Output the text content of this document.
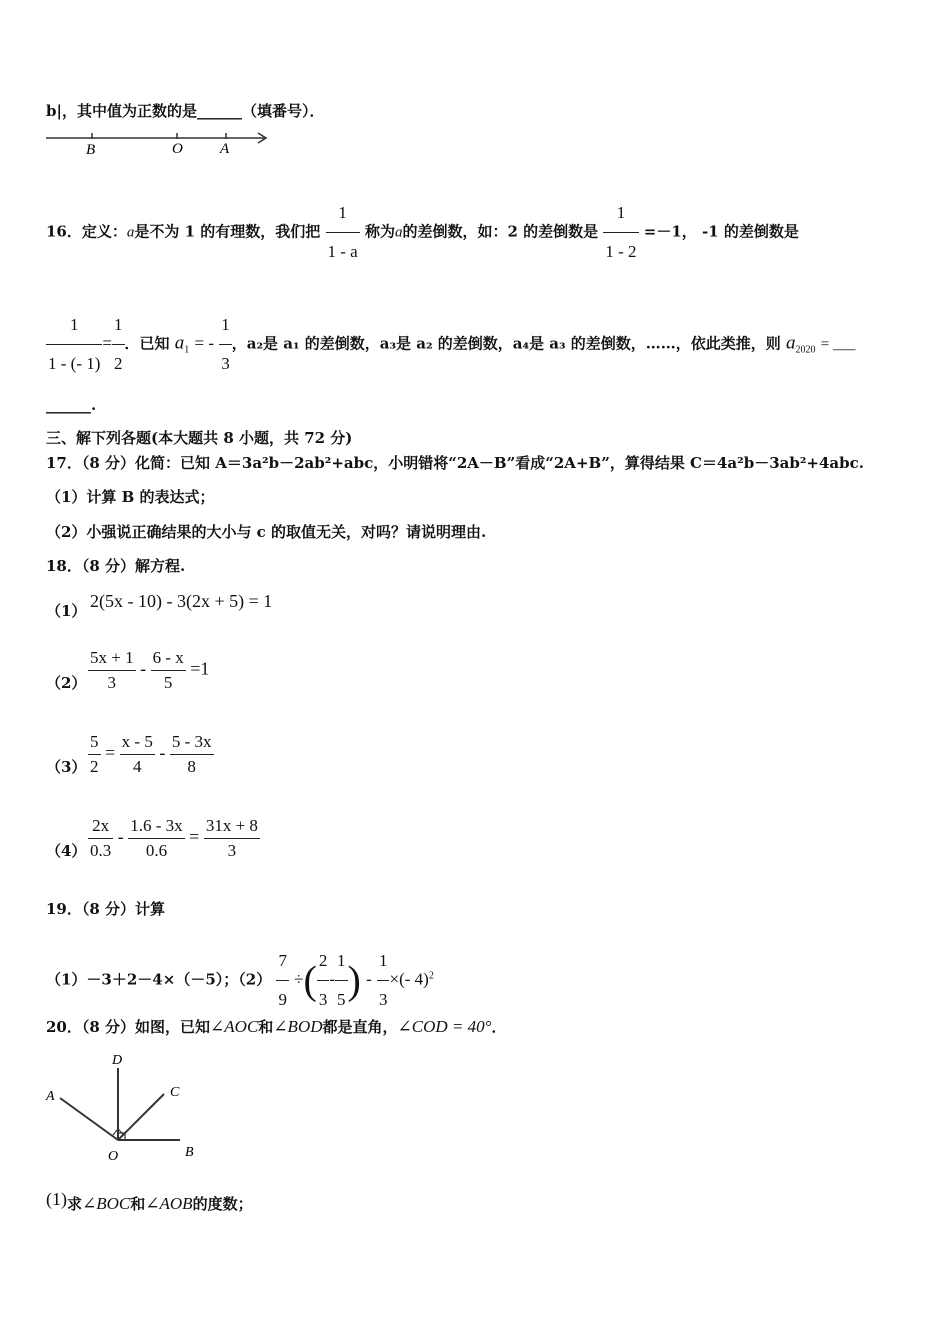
b|，其中值为正数的是______（填番号）．
B	O A
16．定义：a是不为 1 的有理数，我们把 $\frac{1}{1 - a}$ 称为a的差倒数，如：2 的差倒数是 $\frac{1}{1 - 2} =-1$， -1 的差倒数是
$\frac{1}{1 - (- 1)} = \frac{1}{2}$ ．已知 $a_1$ = - $\frac{1}{3}$ ，a₂是 a₁ 的差倒数，a₃是 a₂ 的差倒数，a₄是 a₃ 的差倒数，……，依此类推，则 $a_{2020}$ = ___
______.
三、解下列各题(本大题共 8 小题，共 72 分)
17．（8 分）化简：已知 A＝3a²b－2ab²+abc，小明错将“2A－B”看成“2A+B”，算得结果 C＝4a²b－3ab²+4abc.
（1）计算 B 的表达式；
（2）小强说正确结果的大小与 c 的取值无关，对吗？请说明理由.
18．（8 分）解方程.
（1） 2(5x - 10) - 3(2x + 5) = 1
$(2) \frac{5x + 1}{3} - \frac{6 - x}{5} =1$
$(3) \frac{5}{2} = \frac{x - 5}{4} - \frac{5 - 3x}{8}$
$(4) \frac{2x}{0.3} - \frac{1.6 - 3x}{0.6} = \frac{31x + 8}{3}$
19．（8 分）计算
（1）－3＋2－4×（－5）；$(2) \frac{7}{9}$ ÷( $\frac{2}{3} - \frac{1}{5}$ ) - $\frac{1}{3}$ ×(- 4)$^2$
20．（8 分）如图，已知∠AOC和∠BOD都是直角，∠COD = 40°．
D
A	C
O	B
(1)求∠BOC和∠AOB的度数；
